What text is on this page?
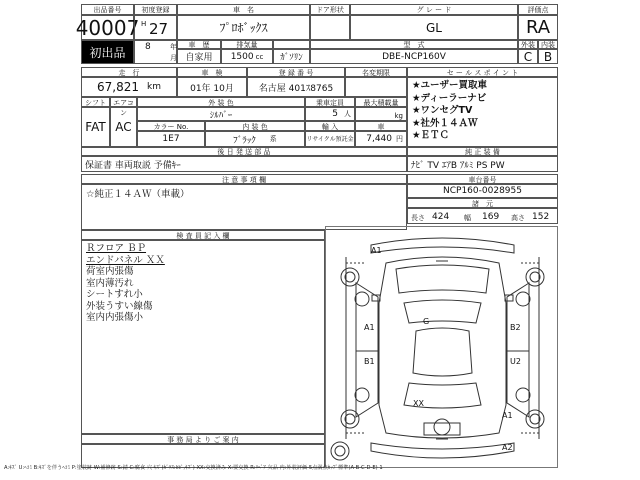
出品番号
40007
初出品
初度登録
H 27
8	年
月
車　名
ﾌﾟﾛﾎﾞｯｸｽ
ドア形状	グ レ ー ド
GL
評価点
RA
車　歴
自家用
排気量
1500 cc	ｶﾞｿﾘﾝ
型　式
DBE-NCP160V
外装 内装
C B
走　行
67,821 km
車　検
01年 10月
登 録 番 号
名古屋 401ｽ8765
名変期限
シフト
FAT
エアコン
AC
外 装 色
ｼﾙﾊﾞｰ
カラー No.	内 装 色
1E7	ﾌﾞﾗｯｸ 系
乗車定員
5 人
最大積載量
kg
輸 入	車
リサイクル預託金 7,440 円
後 日 発 送 部 品
保証書 車両取説 予備ｷｰ
セ ー ル ス ポ イ ン ト
★ユーザー買取車
★ディーラーナビ
★ワンセグTV
★社外１４ＡＷ
★ＥＴＣ
純 正 装 備
ﾅﾋﾞ TV ｴｱB ｱﾙﾐ PS PW
注 意 事 項 欄
☆純正１４ＡＷ（車載）
車台番号
NCP160-0028955
諸　元
長さ 424 幅 169 高さ 152
検 査 員 記 入 欄
Ｒフロア ＢＰ
エンドパネル ＸＸ
荷室内張傷
室内薄汚れ
シートすれ小
外装うすい線傷
室内内張傷小
事 務 局 よ り ご 案 内
A1
A1
G
B2
B1	U2
XX
A1
A2
A:ｷｽﾞ U:ﾍｺﾐ B:ｷｽﾞを伴うﾍｺﾐ P:塗装跡 W:補修跡 S:錆 C:腐食 穴 ｷｽﾞ(ｶﾞﾗｽ:ﾋﾋﾞ,ｷｽﾞ) XX:交換済み X:要交換 R:ﾘﾍﾟｱ 欠品 内:外装評価 5点満点ｶｯﾌﾟ標準(A-B-C-D-E) 1
